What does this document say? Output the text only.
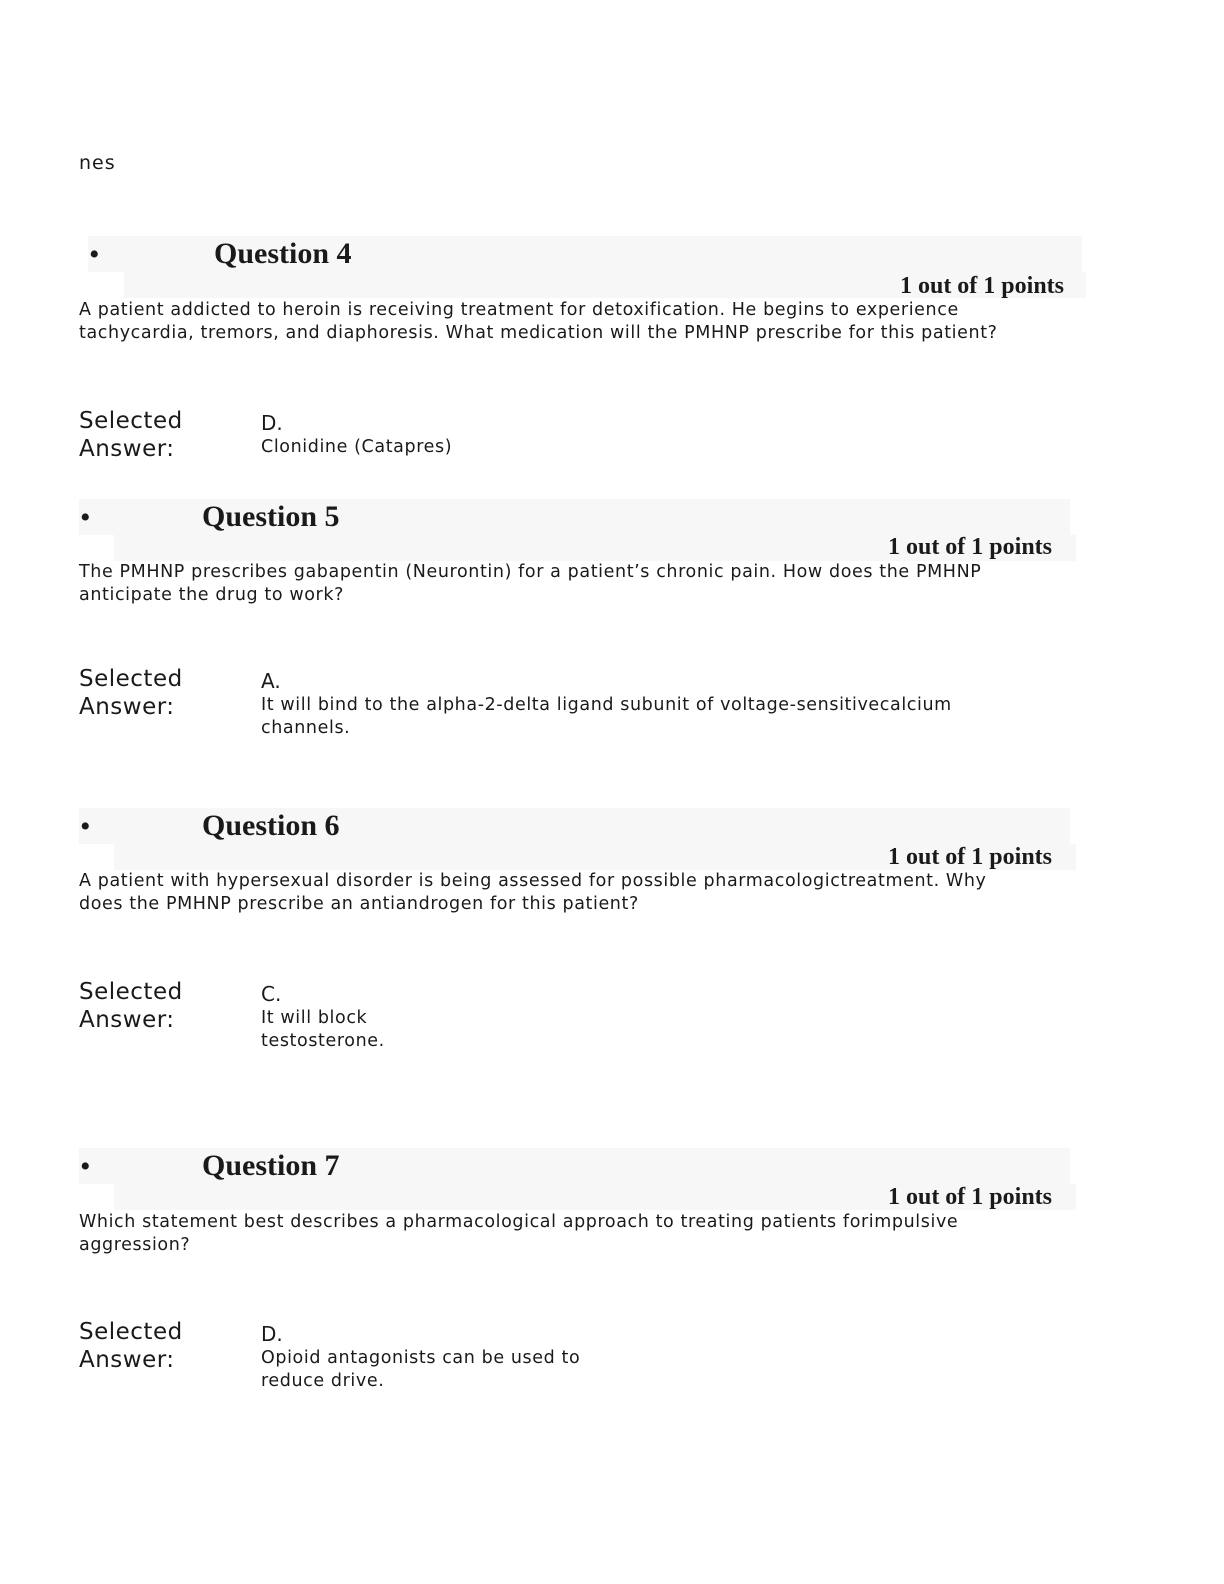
nes
•	Question 4
1 out of 1 points

A patient addicted to heroin is receiving treatment for detoxification. He begins to experience tachycardia, tremors, and diaphoresis. What medication will the PMHNP prescribe for this patient?

Selected
Answer:
D.
Clonidine (Catapres)
•	Question 5
1 out of 1 points

The PMHNP prescribes gabapentin (Neurontin) for a patient’s chronic pain. How does the PMHNP anticipate the drug to work?

Selected
Answer:
A.
It will bind to the alpha-2-delta ligand subunit of voltage-sensitivecalcium
channels.
•	Question 6
1 out of 1 points

A patient with hypersexual disorder is being assessed for possible pharmacologictreatment. Why does the PMHNP prescribe an antiandrogen for this patient?

Selected
Answer:
C.
It will block
testosterone.
•	Question 7
1 out of 1 points

Which statement best describes a pharmacological approach to treating patients forimpulsive aggression?

Selected
Answer:
D.
Opioid antagonists can be used to
reduce drive.
